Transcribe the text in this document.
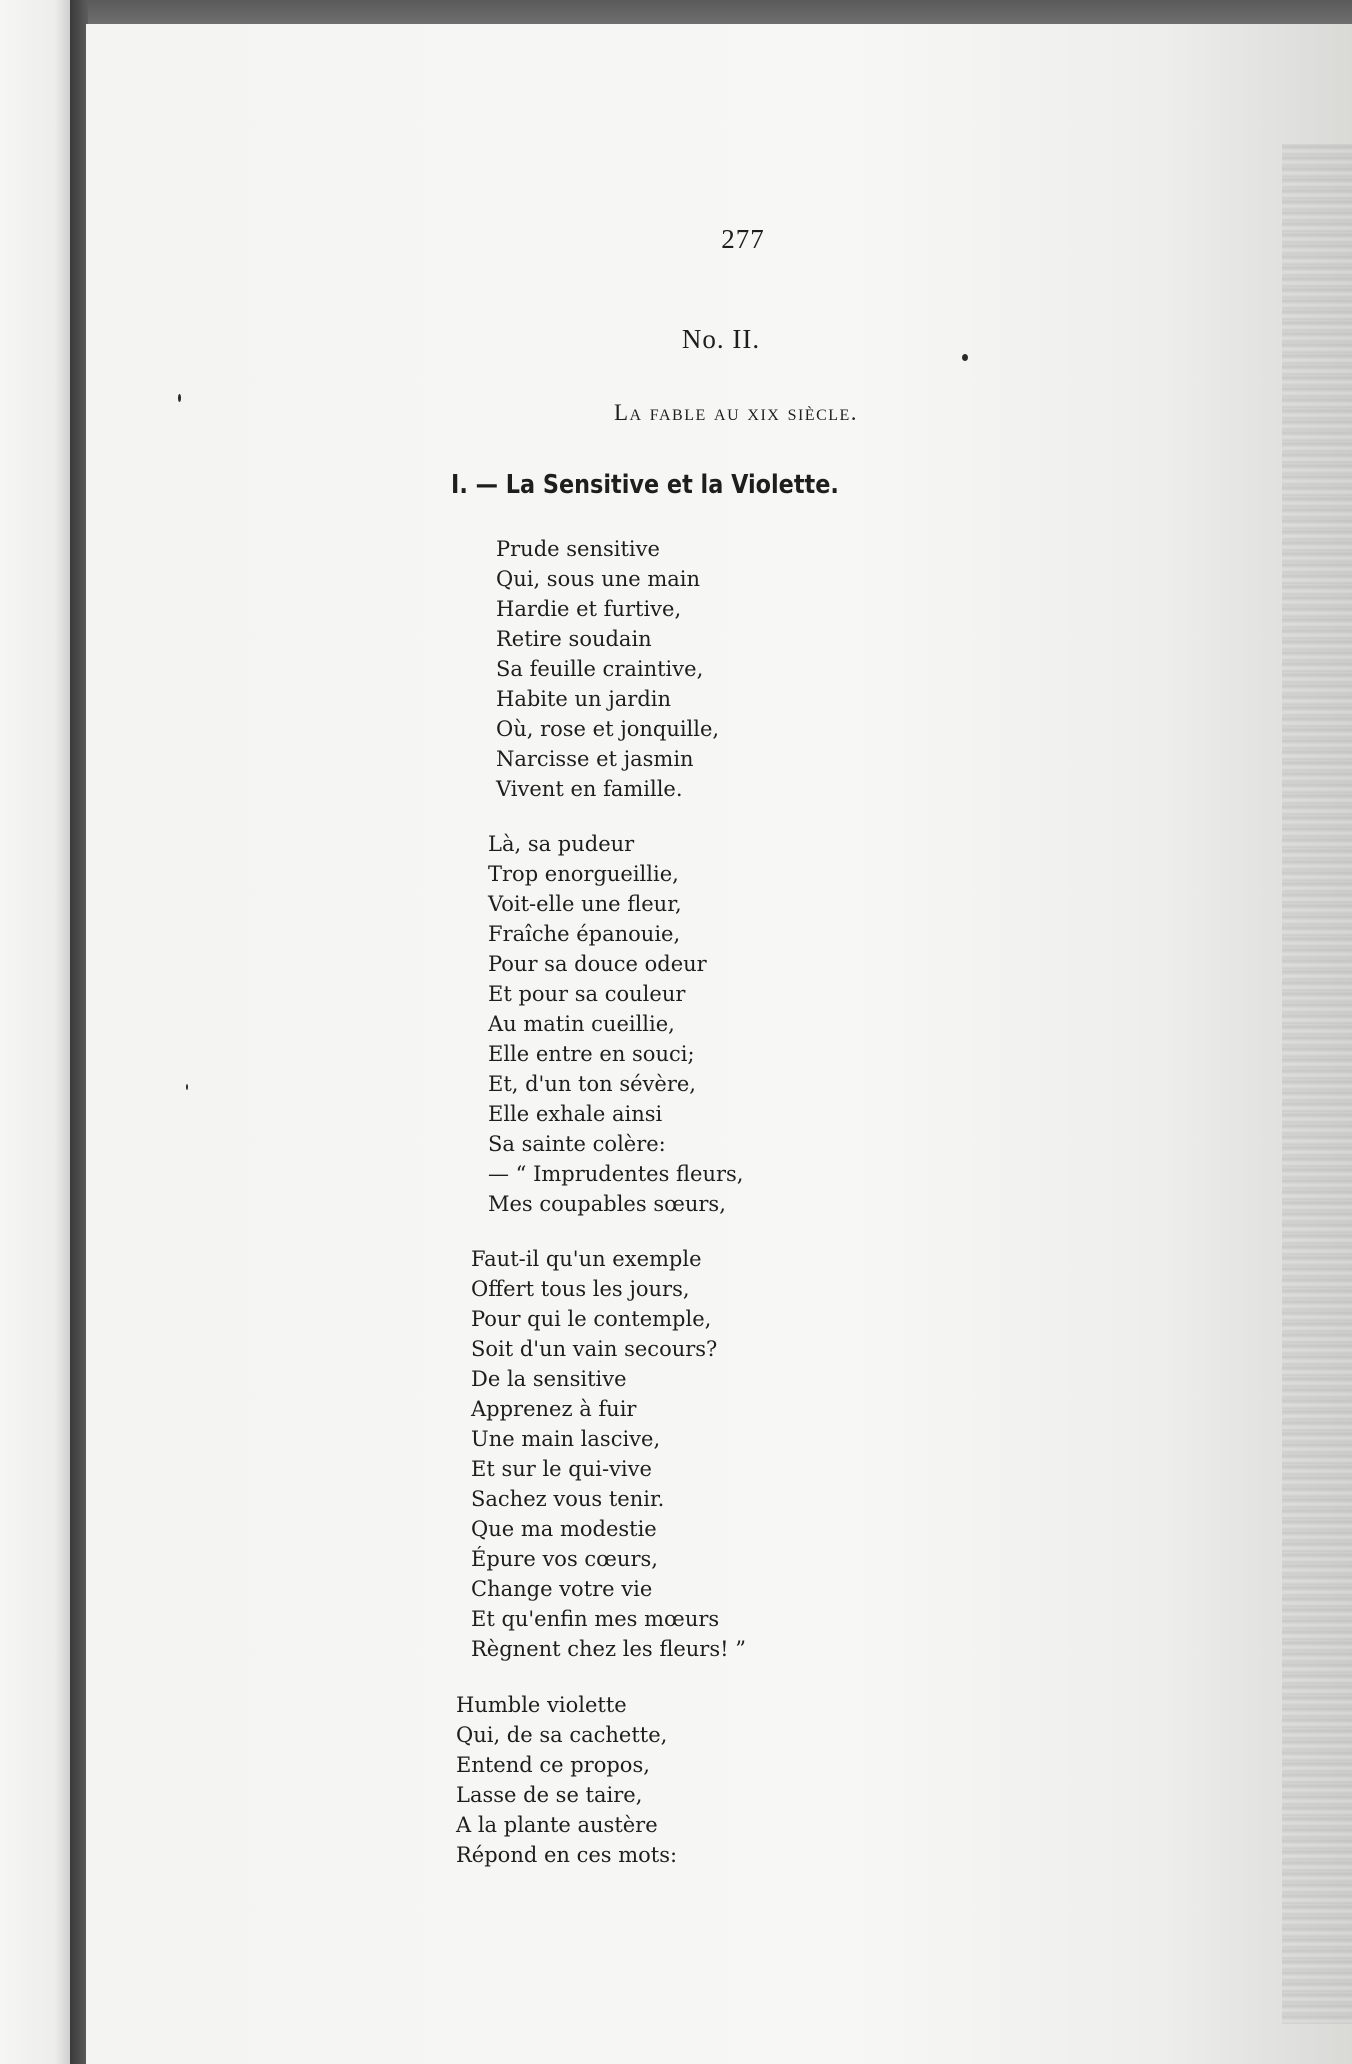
277
No. II.
La fable au xix siècle.
I. — La Sensitive et la Violette.
Prude sensitive
Qui, sous une main
Hardie et furtive,
Retire soudain
Sa feuille craintive,
Habite un jardin
Où, rose et jonquille,
Narcisse et jasmin
Vivent en famille.
Là, sa pudeur
Trop enorgueillie,
Voit-elle une fleur,
Fraîche épanouie,
Pour sa douce odeur
Et pour sa couleur
Au matin cueillie,
Elle entre en souci;
Et, d'un ton sévère,
Elle exhale ainsi
Sa sainte colère:
— “ Imprudentes fleurs,
Mes coupables sœurs,
Faut-il qu'un exemple
Offert tous les jours,
Pour qui le contemple,
Soit d'un vain secours?
De la sensitive
Apprenez à fuir
Une main lascive,
Et sur le qui-vive
Sachez vous tenir.
Que ma modestie
Épure vos cœurs,
Change votre vie
Et qu'enfin mes mœurs
Règnent chez les fleurs! ”
Humble violette
Qui, de sa cachette,
Entend ce propos,
Lasse de se taire,
A la plante austère
Répond en ces mots:
